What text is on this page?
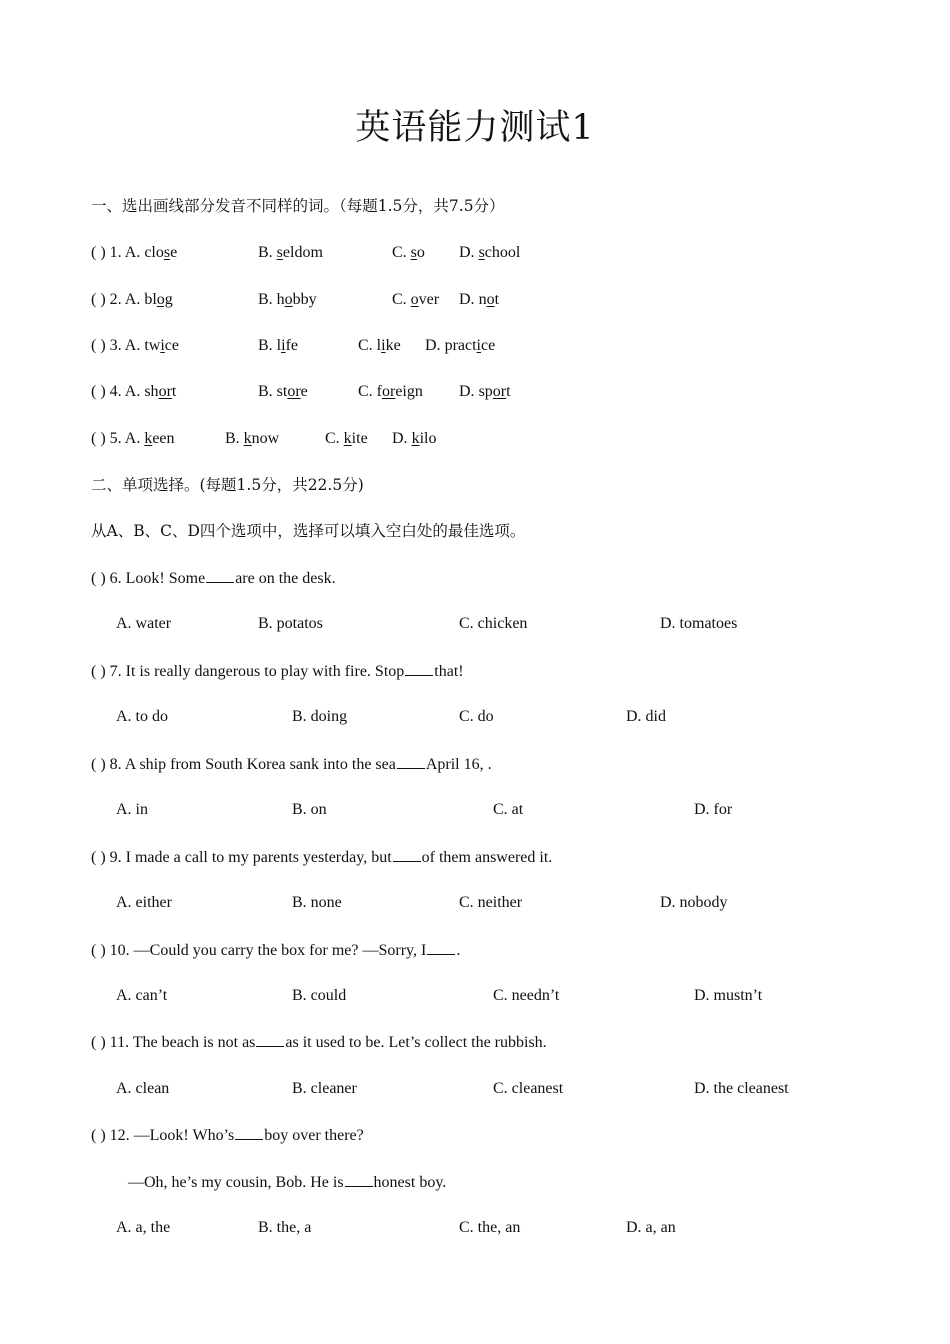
英语能力测试1
一、选出画线部分发音不同样的词。（每题1.5分，共7.5分）
( ) 1. A. close	B. seldom	C. so D. school
( ) 2. A. blog	B. hobby	C. over D. not
( ) 3. A. twice	B. life	C. like D. practice
( ) 4. A. short	B. store	C. foreign D. sport
( ) 5. A. keen	B. know	C. kite D. kilo
二、单项选择。(每题1.5分，共22.5分)
从A、B、C、D四个选项中，选择可以填入空白处的最佳选项。
( ) 6. Look! Some are on the desk.
A. water	B. potatos	C. chicken	D. tomatoes
( ) 7. It is really dangerous to play with fire. Stop that!
A. to do	B. doing	C. do	D. did
( ) 8. A ship from South Korea sank into the sea April 16, .
A. in	B. on	C. at	D. for
( ) 9. I made a call to my parents yesterday, but of them answered it.
A. either	B. none	C. neither	D. nobody
( ) 10. —Could you carry the box for me? —Sorry, I .
A. can’t	B. could	C. needn’t	D. mustn’t
( ) 11. The beach is not as as it used to be. Let’s collect the rubbish.
A. clean	B. cleaner	C. cleanest	D. the cleanest
( ) 12. —Look! Who’s boy over there?
—Oh, he’s my cousin, Bob. He is honest boy.
A. a, the	B. the, a	C. the, an	D. a, an
